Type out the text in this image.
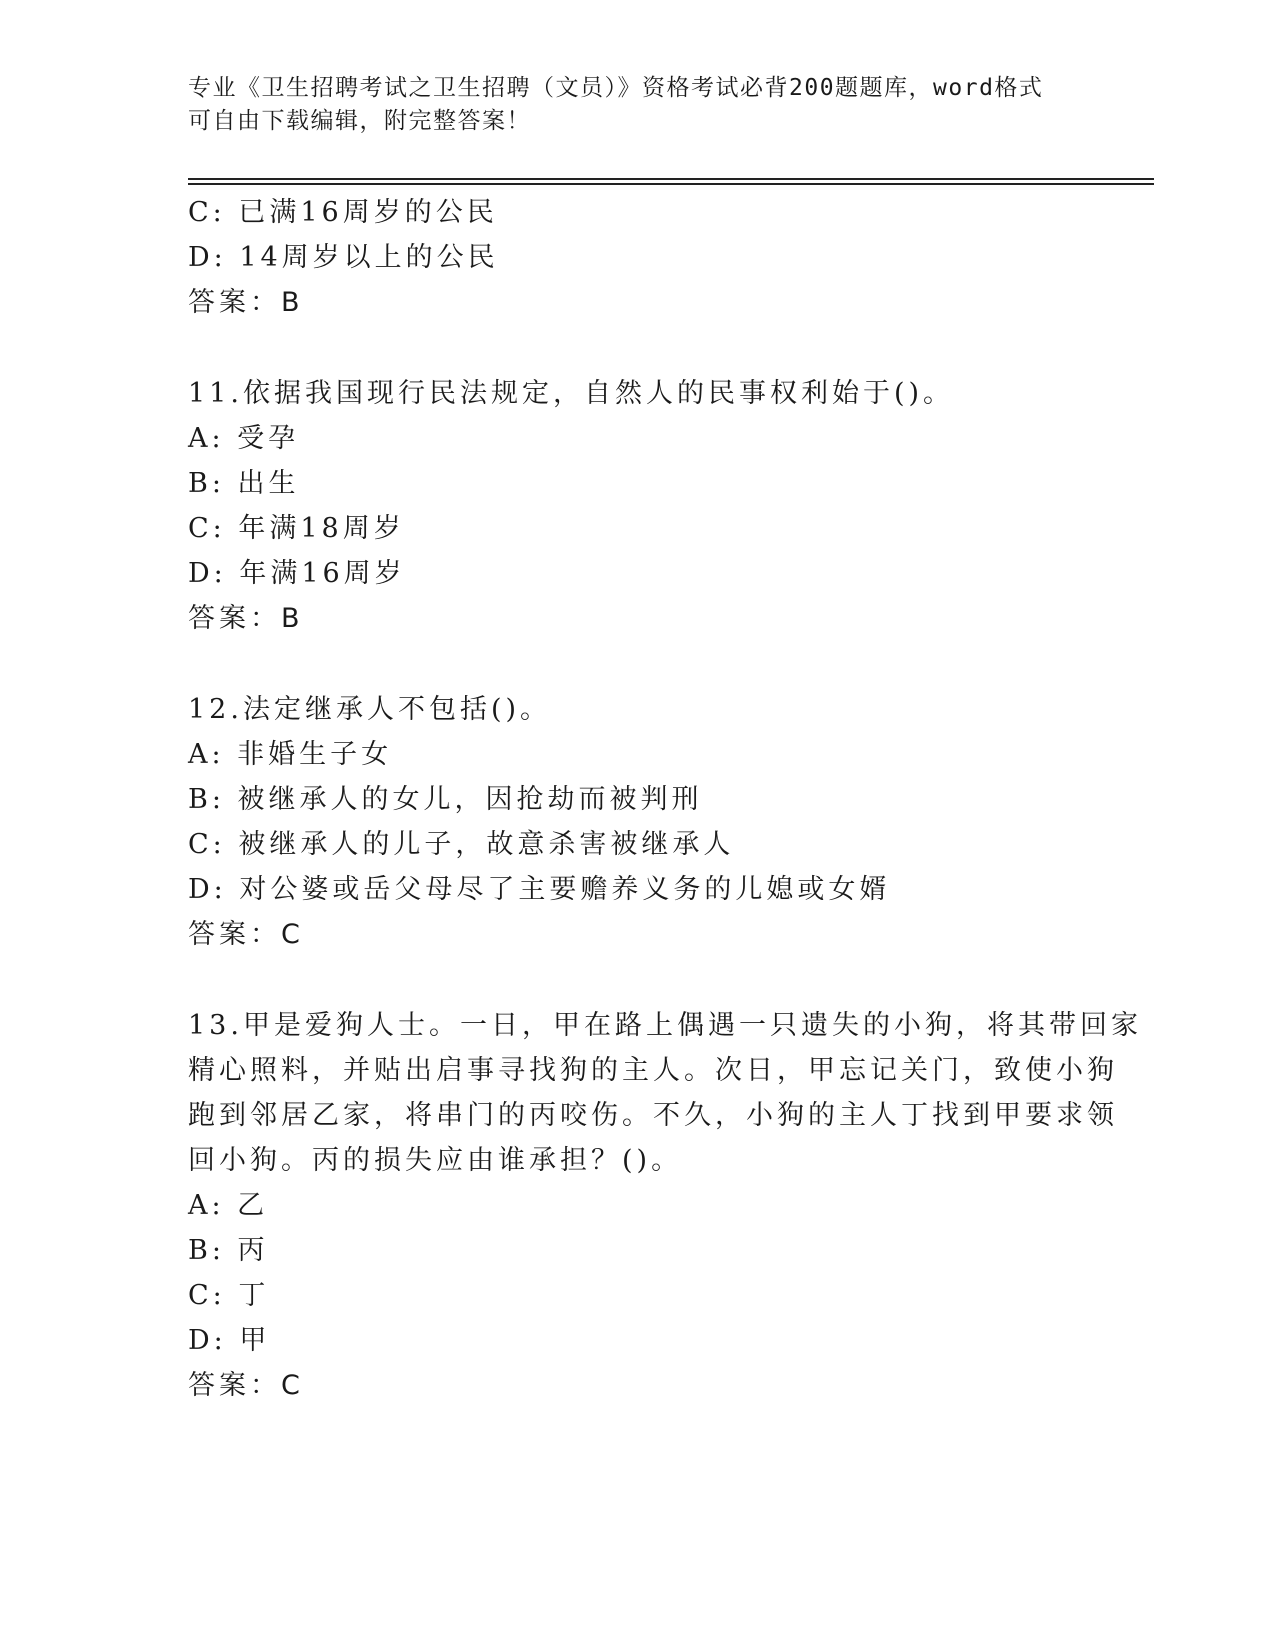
专业《卫生招聘考试之卫生招聘（文员）》资格考试必背200题题库，word格式
可自由下载编辑，附完整答案！
C: 已满16周岁的公民
D: 14周岁以上的公民
答案：B
11.依据我国现行民法规定，自然人的民事权利始于()。
A: 受孕
B: 出生
C: 年满18周岁
D: 年满16周岁
答案：B
12.法定继承人不包括()。
A: 非婚生子女
B: 被继承人的女儿，因抢劫而被判刑
C: 被继承人的儿子，故意杀害被继承人
D: 对公婆或岳父母尽了主要赡养义务的儿媳或女婿
答案：C
13.甲是爱狗人士。一日，甲在路上偶遇一只遗失的小狗，将其带回家
精心照料，并贴出启事寻找狗的主人。次日，甲忘记关门，致使小狗
跑到邻居乙家，将串门的丙咬伤。不久，小狗的主人丁找到甲要求领
回小狗。丙的损失应由谁承担？()。
A: 乙
B: 丙
C: 丁
D: 甲
答案：C
